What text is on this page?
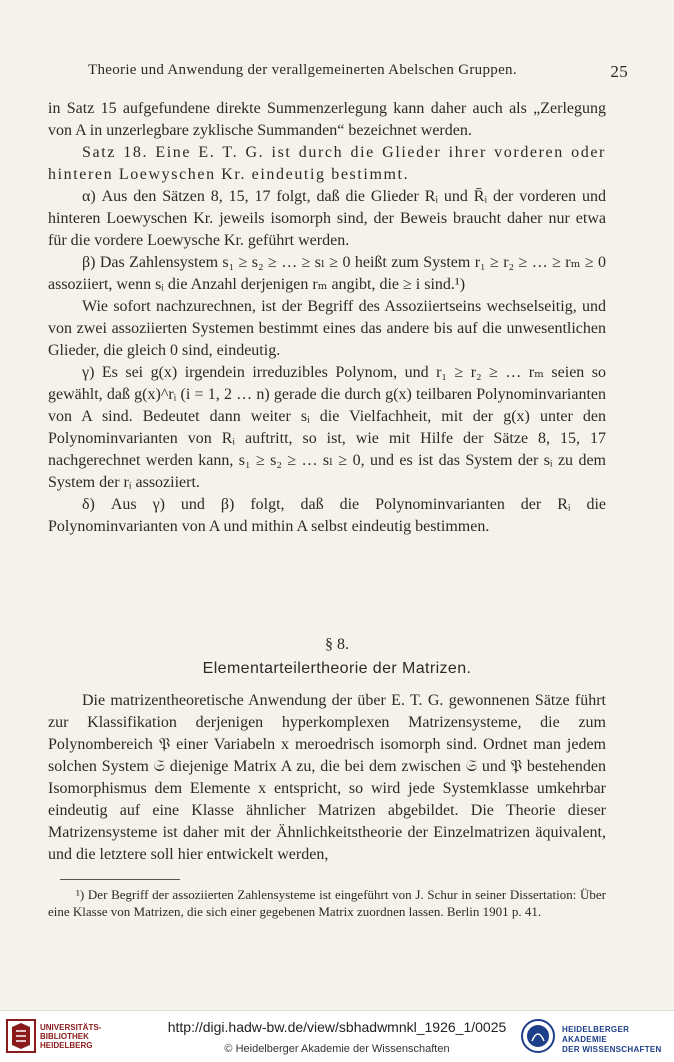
Theorie und Anwendung der verallgemeinerten Abelschen Gruppen.	25

in Satz 15 aufgefundene direkte Summenzerlegung kann daher auch als „Zerlegung von A in unzerlegbare zyklische Summanden“ bezeichnet werden.

Satz 18. Eine E. T. G. ist durch die Glieder ihrer vorderen oder hinteren Loewyschen Kr. eindeutig bestimmt.

α) Aus den Sätzen 8, 15, 17 folgt, daß die Glieder Rᵢ und R̄ᵢ der vorderen und hinteren Loewyschen Kr. jeweils isomorph sind, der Beweis braucht daher nur etwa für die vordere Loewysche Kr. geführt werden.

β) Das Zahlensystem s₁ ≥ s₂ ≥ … ≥ sₗ ≥ 0 heißt zum System r₁ ≥ r₂ ≥ … ≥ rₘ ≥ 0 assoziiert, wenn sᵢ die Anzahl derjenigen rₘ angibt, die ≥ i sind.¹)

Wie sofort nachzurechnen, ist der Begriff des Assoziiertseins wechselseitig, und von zwei assoziierten Systemen bestimmt eines das andere bis auf die unwesentlichen Glieder, die gleich 0 sind, eindeutig.

γ) Es sei g(x) irgendein irreduzibles Polynom, und r₁ ≥ r₂ ≥ … rₘ seien so gewählt, daß g(x)^rᵢ (i = 1, 2 … n) gerade die durch g(x) teilbaren Polynominvarianten von A sind. Bedeutet dann weiter sᵢ die Vielfachheit, mit der g(x) unter den Polynominvarianten von Rᵢ auftritt, so ist, wie mit Hilfe der Sätze 8, 15, 17 nachgerechnet werden kann, s₁ ≥ s₂ ≥ … sₗ ≥ 0, und es ist das System der sᵢ zu dem System der rᵢ assoziiert.

δ) Aus γ) und β) folgt, daß die Polynominvarianten der Rᵢ die Polynominvarianten von A und mithin A selbst eindeutig bestimmen.

§ 8.
Elementarteilertheorie der Matrizen.

Die matrizentheoretische Anwendung der über E. T. G. gewonnenen Sätze führt zur Klassifikation derjenigen hyperkomplexen Matrizensysteme, die zum Polynombereich 𝔓 einer Variabeln x meroedrisch isomorph sind. Ordnet man jedem solchen System 𝔖 diejenige Matrix A zu, die bei dem zwischen 𝔖 und 𝔓 bestehenden Isomorphismus dem Elemente x entspricht, so wird jede Systemklasse umkehrbar eindeutig auf eine Klasse ähnlicher Matrizen abgebildet. Die Theorie dieser Matrizensysteme ist daher mit der Ähnlichkeitstheorie der Einzelmatrizen äquivalent, und die letztere soll hier entwickelt werden,

¹) Der Begriff der assoziierten Zahlensysteme ist eingeführt von J. Schur in seiner Dissertation: Über eine Klasse von Matrizen, die sich einer gegebenen Matrix zuordnen lassen. Berlin 1901 p. 41.

UNIVERSITÄTS-
BIBLIOTHEK
HEIDELBERG
http://digi.hadw-bw.de/view/sbhadwmnkl_1926_1/0025
© Heidelberger Akademie der Wissenschaften
HEIDELBERGER AKADEMIE
DER WISSENSCHAFTEN
